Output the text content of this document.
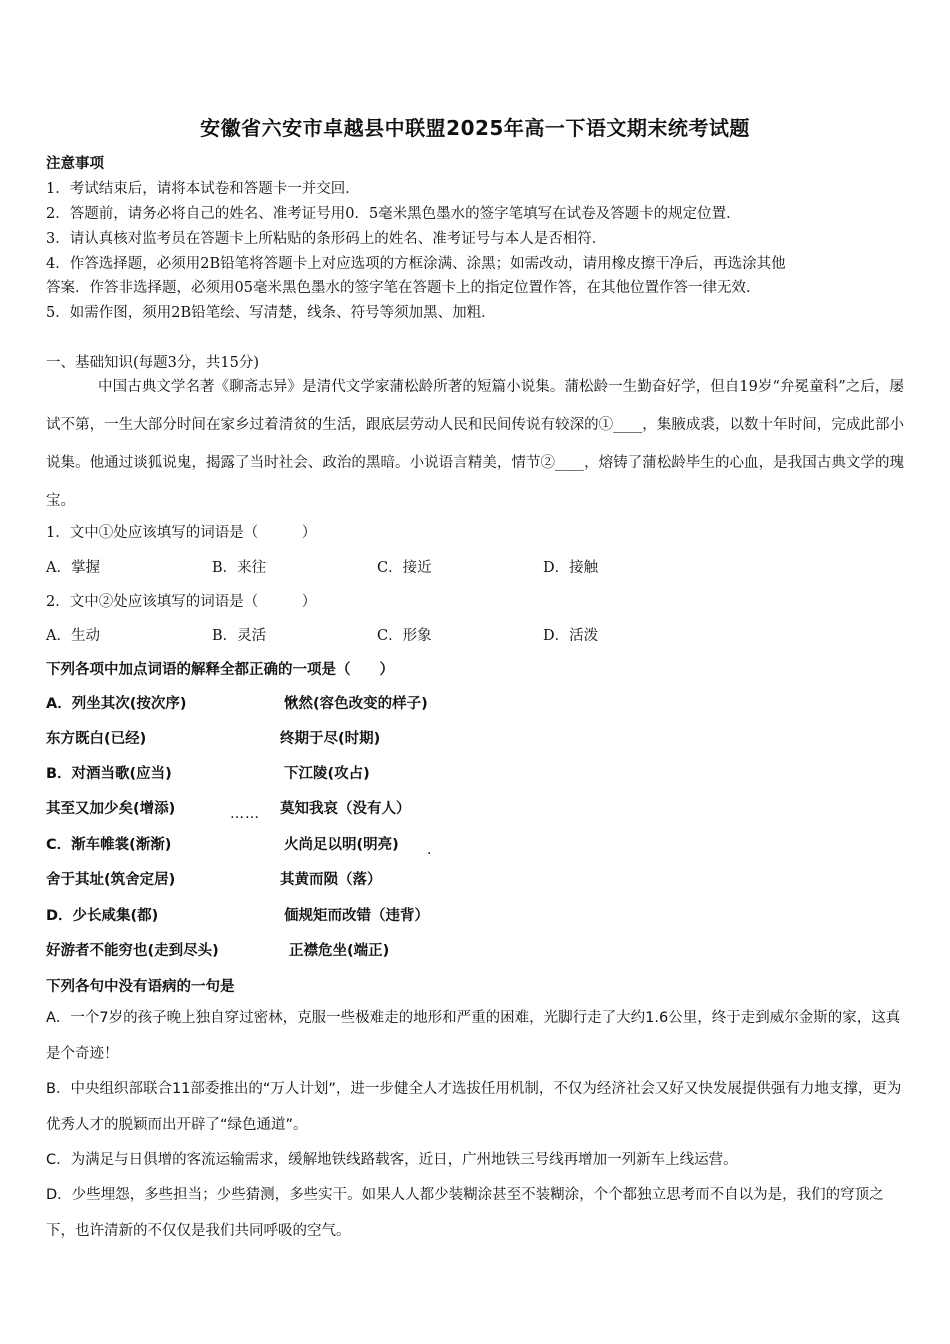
安徽省六安市卓越县中联盟2025年高一下语文期末统考试题
注意事项
1．考试结束后，请将本试卷和答题卡一并交回．
2．答题前，请务必将自己的姓名、准考证号用0．5毫米黑色墨水的签字笔填写在试卷及答题卡的规定位置．
3．请认真核对监考员在答题卡上所粘贴的条形码上的姓名、准考证号与本人是否相符．
4．作答选择题，必须用2B铅笔将答题卡上对应选项的方框涂满、涂黑；如需改动，请用橡皮擦干净后，再选涂其他
答案．作答非选择题，必须用05毫米黑色墨水的签字笔在答题卡上的指定位置作答，在其他位置作答一律无效．
5．如需作图，须用2B铅笔绘、写清楚，线条、符号等须加黑、加粗．
一、基础知识(每题3分，共15分)
中国古典文学名著《聊斋志异》是清代文学家蒲松龄所著的短篇小说集。蒲松龄一生勤奋好学，但自19岁“弁冕童科”之后，屡试不第，一生大部分时间在家乡过着清贫的生活，跟底层劳动人民和民间传说有较深的①____，集腋成裘，以数十年时间，完成此部小说集。他通过谈狐说鬼，揭露了当时社会、政治的黑暗。小说语言精美，情节②____，熔铸了蒲松龄毕生的心血，是我国古典文学的瑰宝。
1．文中①处应该填写的词语是（　　　）
A．掌握	B．来往	C．接近	D．接触
2．文中②处应该填写的词语是（　　　）
A．生动	B．灵活	C．形象	D．活泼
下列各项中加点词语的解释全都正确的一项是（　　）
A．列坐其次(按次序)	愀然(容色改变的样子)
东方既白(已经)	终期于尽(时期)
B．对酒当歌(应当)	下江陵(攻占)
其至又加少矣(增添)	莫知我哀（没有人）
……
C．渐车帷裳(渐渐)	火尚足以明(明亮) .
舍于其址(筑舍定居)	其黄而陨（落）
D．少长咸集(都)	偭规矩而改错（违背）
好游者不能穷也(走到尽头)	正襟危坐(端正)
下列各句中没有语病的一句是
A．一个7岁的孩子晚上独自穿过密林，克服一些极难走的地形和严重的困难，光脚行走了大约1.6公里，终于走到威尔金斯的家，这真是个奇迹！
B．中央组织部联合11部委推出的“万人计划”，进一步健全人才选拔任用机制，不仅为经济社会又好又快发展提供强有力地支撑，更为优秀人才的脱颖而出开辟了“绿色通道”。
C．为满足与日俱增的客流运输需求，缓解地铁线路载客，近日，广州地铁三号线再增加一列新车上线运营。
D．少些埋怨，多些担当；少些猜测，多些实干。如果人人都少装糊涂甚至不装糊涂，个个都独立思考而不自以为是，我们的穹顶之下，也许清新的不仅仅是我们共同呼吸的空气。
